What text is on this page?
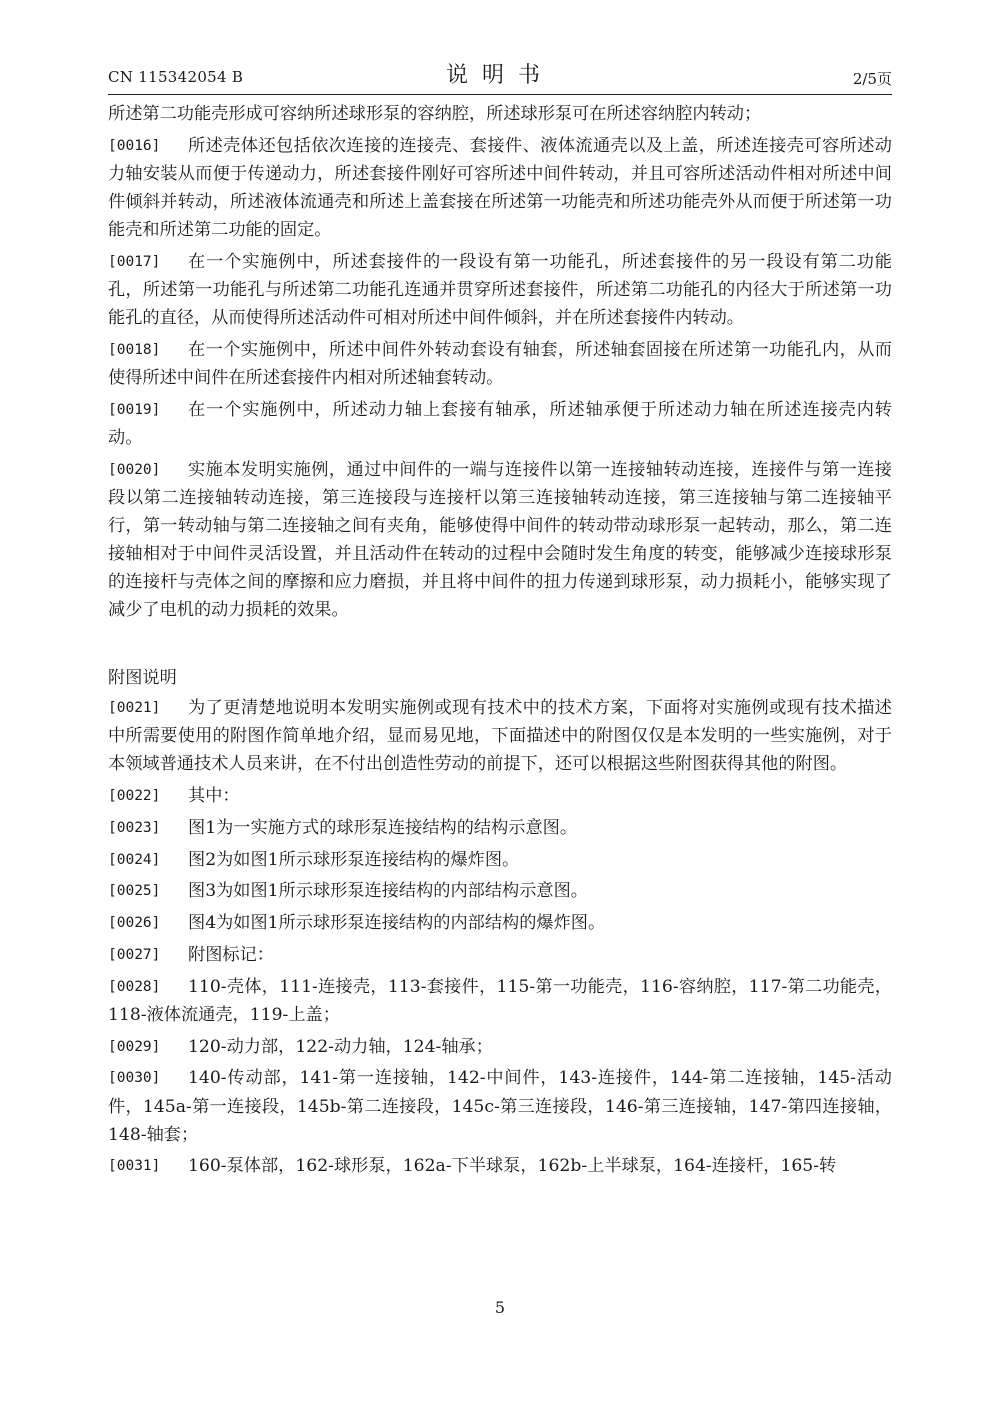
CN 115342054 B	说明书	2/5页

所述第二功能壳形成可容纳所述球形泵的容纳腔，所述球形泵可在所述容纳腔内转动；

[0016] 所述壳体还包括依次连接的连接壳、套接件、液体流通壳以及上盖，所述连接壳可容所述动力轴安装从而便于传递动力，所述套接件刚好可容所述中间件转动，并且可容所述活动件相对所述中间件倾斜并转动，所述液体流通壳和所述上盖套接在所述第一功能壳和所述功能壳外从而便于所述第一功能壳和所述第二功能的固定。

[0017] 在一个实施例中，所述套接件的一段设有第一功能孔，所述套接件的另一段设有第二功能孔，所述第一功能孔与所述第二功能孔连通并贯穿所述套接件，所述第二功能孔的内径大于所述第一功能孔的直径，从而使得所述活动件可相对所述中间件倾斜，并在所述套接件内转动。

[0018] 在一个实施例中，所述中间件外转动套设有轴套，所述轴套固接在所述第一功能孔内，从而使得所述中间件在所述套接件内相对所述轴套转动。

[0019] 在一个实施例中，所述动力轴上套接有轴承，所述轴承便于所述动力轴在所述连接壳内转动。

[0020] 实施本发明实施例，通过中间件的一端与连接件以第一连接轴转动连接，连接件与第一连接段以第二连接轴转动连接，第三连接段与连接杆以第三连接轴转动连接，第三连接轴与第二连接轴平行，第一转动轴与第二连接轴之间有夹角，能够使得中间件的转动带动球形泵一起转动，那么，第二连接轴相对于中间件灵活设置，并且活动件在转动的过程中会随时发生角度的转变，能够减少连接球形泵的连接杆与壳体之间的摩擦和应力磨损，并且将中间件的扭力传递到球形泵，动力损耗小，能够实现了减少了电机的动力损耗的效果。

附图说明

[0021] 为了更清楚地说明本发明实施例或现有技术中的技术方案，下面将对实施例或现有技术描述中所需要使用的附图作简单地介绍，显而易见地，下面描述中的附图仅仅是本发明的一些实施例，对于本领域普通技术人员来讲，在不付出创造性劳动的前提下，还可以根据这些附图获得其他的附图。

[0022] 其中：

[0023] 图1为一实施方式的球形泵连接结构的结构示意图。

[0024] 图2为如图1所示球形泵连接结构的爆炸图。

[0025] 图3为如图1所示球形泵连接结构的内部结构示意图。

[0026] 图4为如图1所示球形泵连接结构的内部结构的爆炸图。

[0027] 附图标记：

[0028] 110-壳体，111-连接壳，113-套接件，115-第一功能壳，116-容纳腔，117-第二功能壳，118-液体流通壳，119-上盖；

[0029] 120-动力部，122-动力轴，124-轴承；

[0030] 140-传动部，141-第一连接轴，142-中间件，143-连接件，144-第二连接轴，145-活动件，145a-第一连接段，145b-第二连接段，145c-第三连接段，146-第三连接轴，147-第四连接轴，148-轴套；

[0031] 160-泵体部，162-球形泵，162a-下半球泵，162b-上半球泵，164-连接杆，165-转

5
